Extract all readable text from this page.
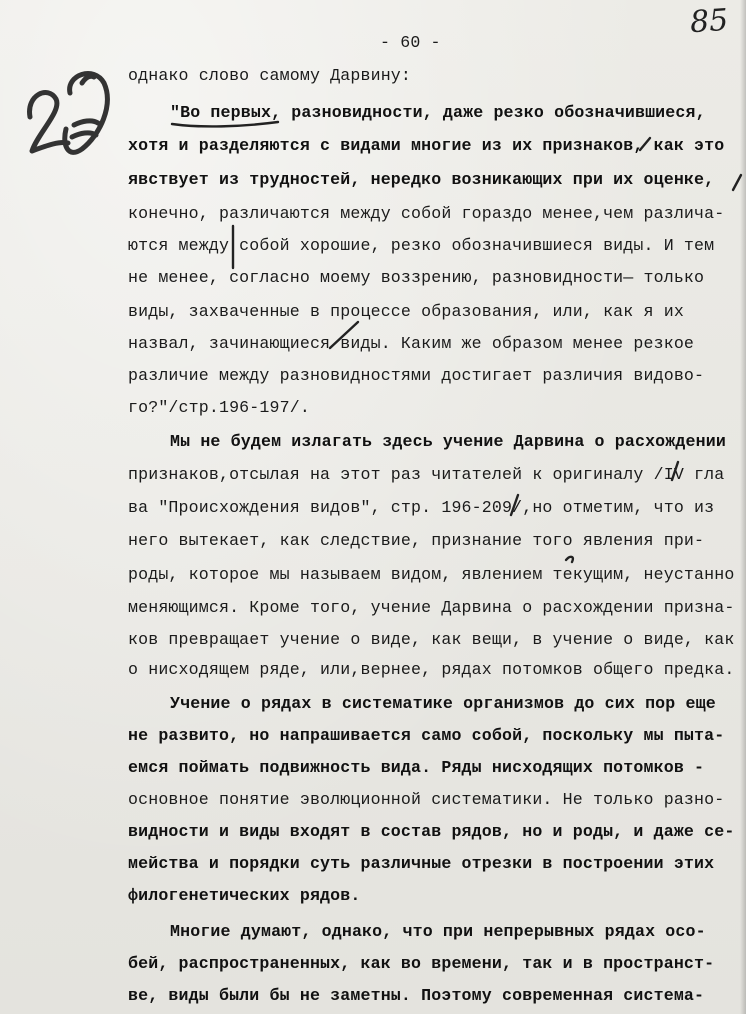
85
- 60 -
однако слово самому Дарвину:
"Во первых, разновидности, даже резко обозначившиеся,
хотя и разделяются с видами многие из их признаков, как это
явствует из трудностей, нередко возникающих при их оценке,
конечно, различаются между собой гораздо менее,чем различа-
ются между собой хорошие, резко обозначившиеся виды. И тем
не менее, согласно моему воззрению, разновидности— только
виды, захваченные в процессе образования, или, как я их
назвал, зачинающиеся виды. Каким же образом менее резкое
различие между разновидностями достигает различия видово-
го?"/стр.196-197/.
Мы не будем излагать здесь учение Дарвина о расхождении
признаков,отсылая на этот раз читателей к оригиналу /IV гла
ва "Происхождения видов", стр. 196-209/,но отметим, что из
него вытекает, как следствие, признание того явления при-
роды, которое мы называем видом, явлением текущим, неустанно
меняющимся. Кроме того, учение Дарвина о расхождении призна-
ков превращает учение о виде, как вещи, в учение о виде, как
о нисходящем ряде, или,вернее, рядах потомков общего предка.
Учение о рядах в систематике организмов до сих пор еще
не развито, но напрашивается само собой, поскольку мы пыта-
емся поймать подвижность вида. Ряды нисходящих потомков -
основное понятие эволюционной систематики. Не только разно-
видности и виды входят в состав рядов, но и роды, и даже се-
мейства и порядки суть различные отрезки в построении этих
филогенетических рядов.
Многие думают, однако, что при непрерывных рядах осо-
бей, распространенных, как во времени, так и в пространст-
ве, виды были бы не заметны. Поэтому современная система-
